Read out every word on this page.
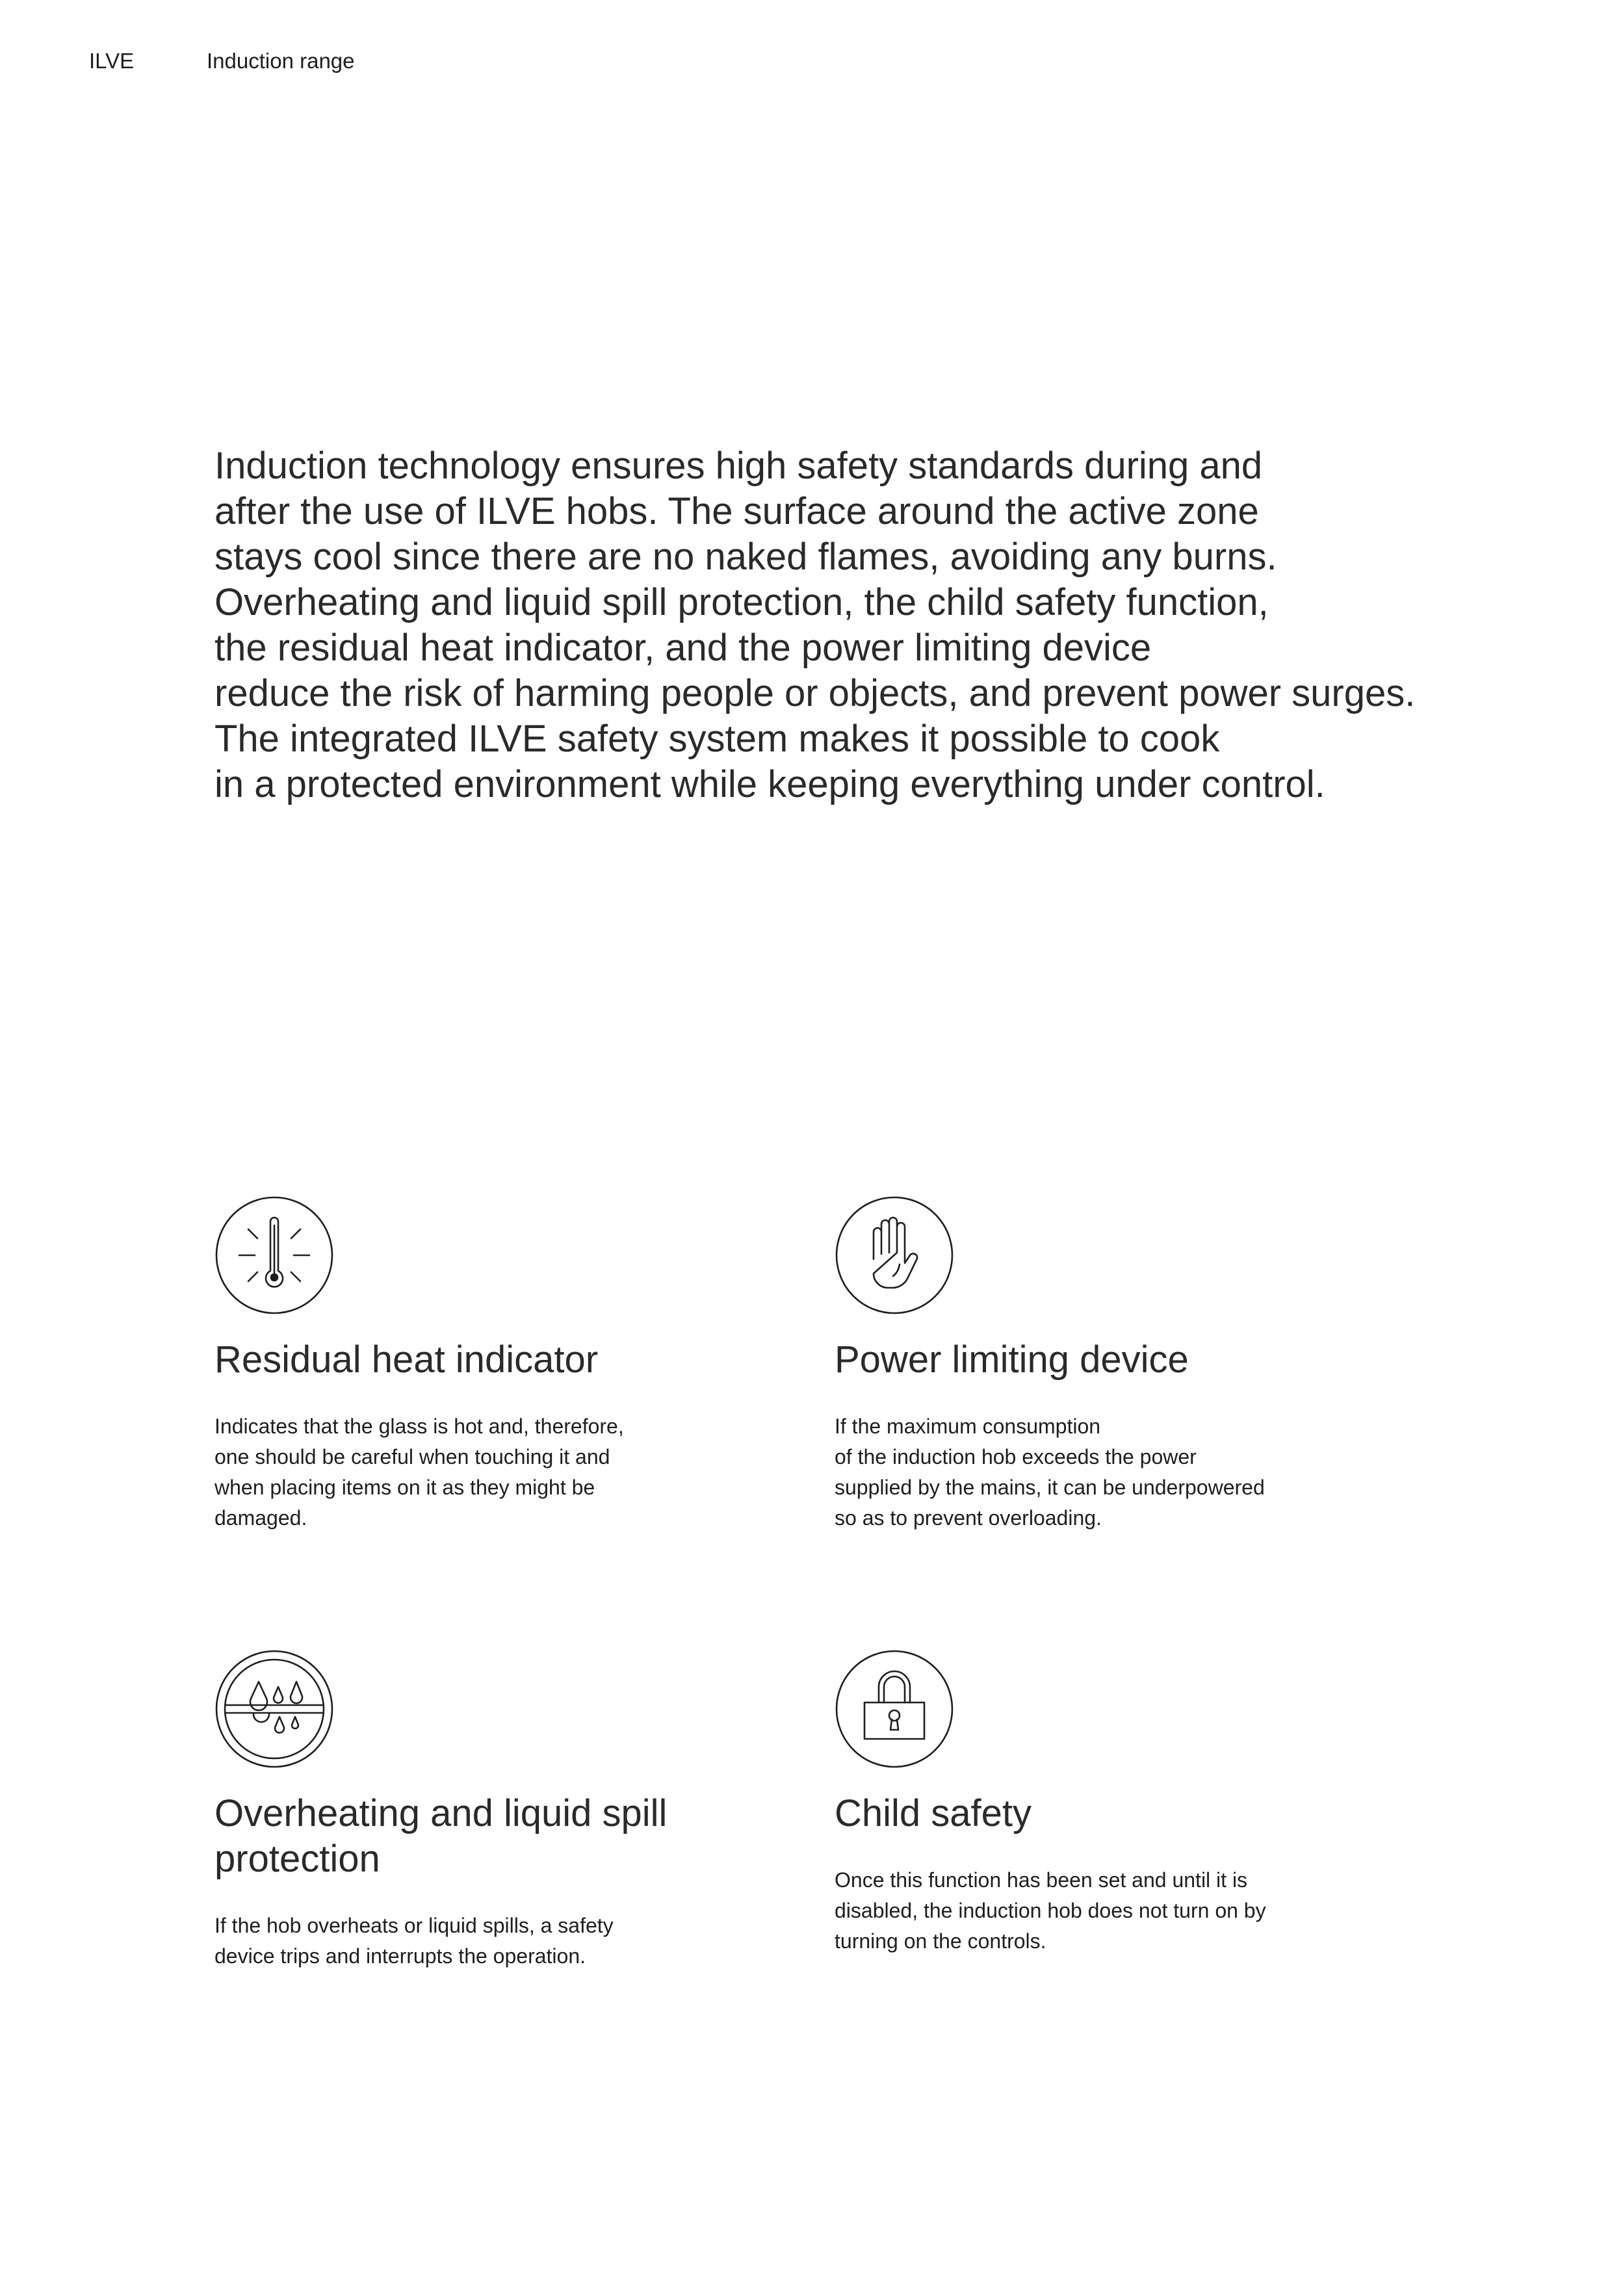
ILVE	Induction range

Induction technology ensures high safety standards during and
after the use of ILVE hobs. The surface around the active zone
stays cool since there are no naked flames, avoiding any burns.
Overheating and liquid spill protection, the child safety function,
the residual heat indicator, and the power limiting device
reduce the risk of harming people or objects, and prevent power surges.
The integrated ILVE safety system makes it possible to cook
in a protected environment while keeping everything under control.

Residual heat indicator
Indicates that the glass is hot and, therefore,
one should be careful when touching it and
when placing items on it as they might be
damaged.
Power limiting device
If the maximum consumption
of the induction hob exceeds the power
supplied by the mains, it can be underpowered
so as to prevent overloading.
Overheating and liquid spill
protection
If the hob overheats or liquid spills, a safety
device trips and interrupts the operation.
Child safety
Once this function has been set and until it is
disabled, the induction hob does not turn on by
turning on the controls.
